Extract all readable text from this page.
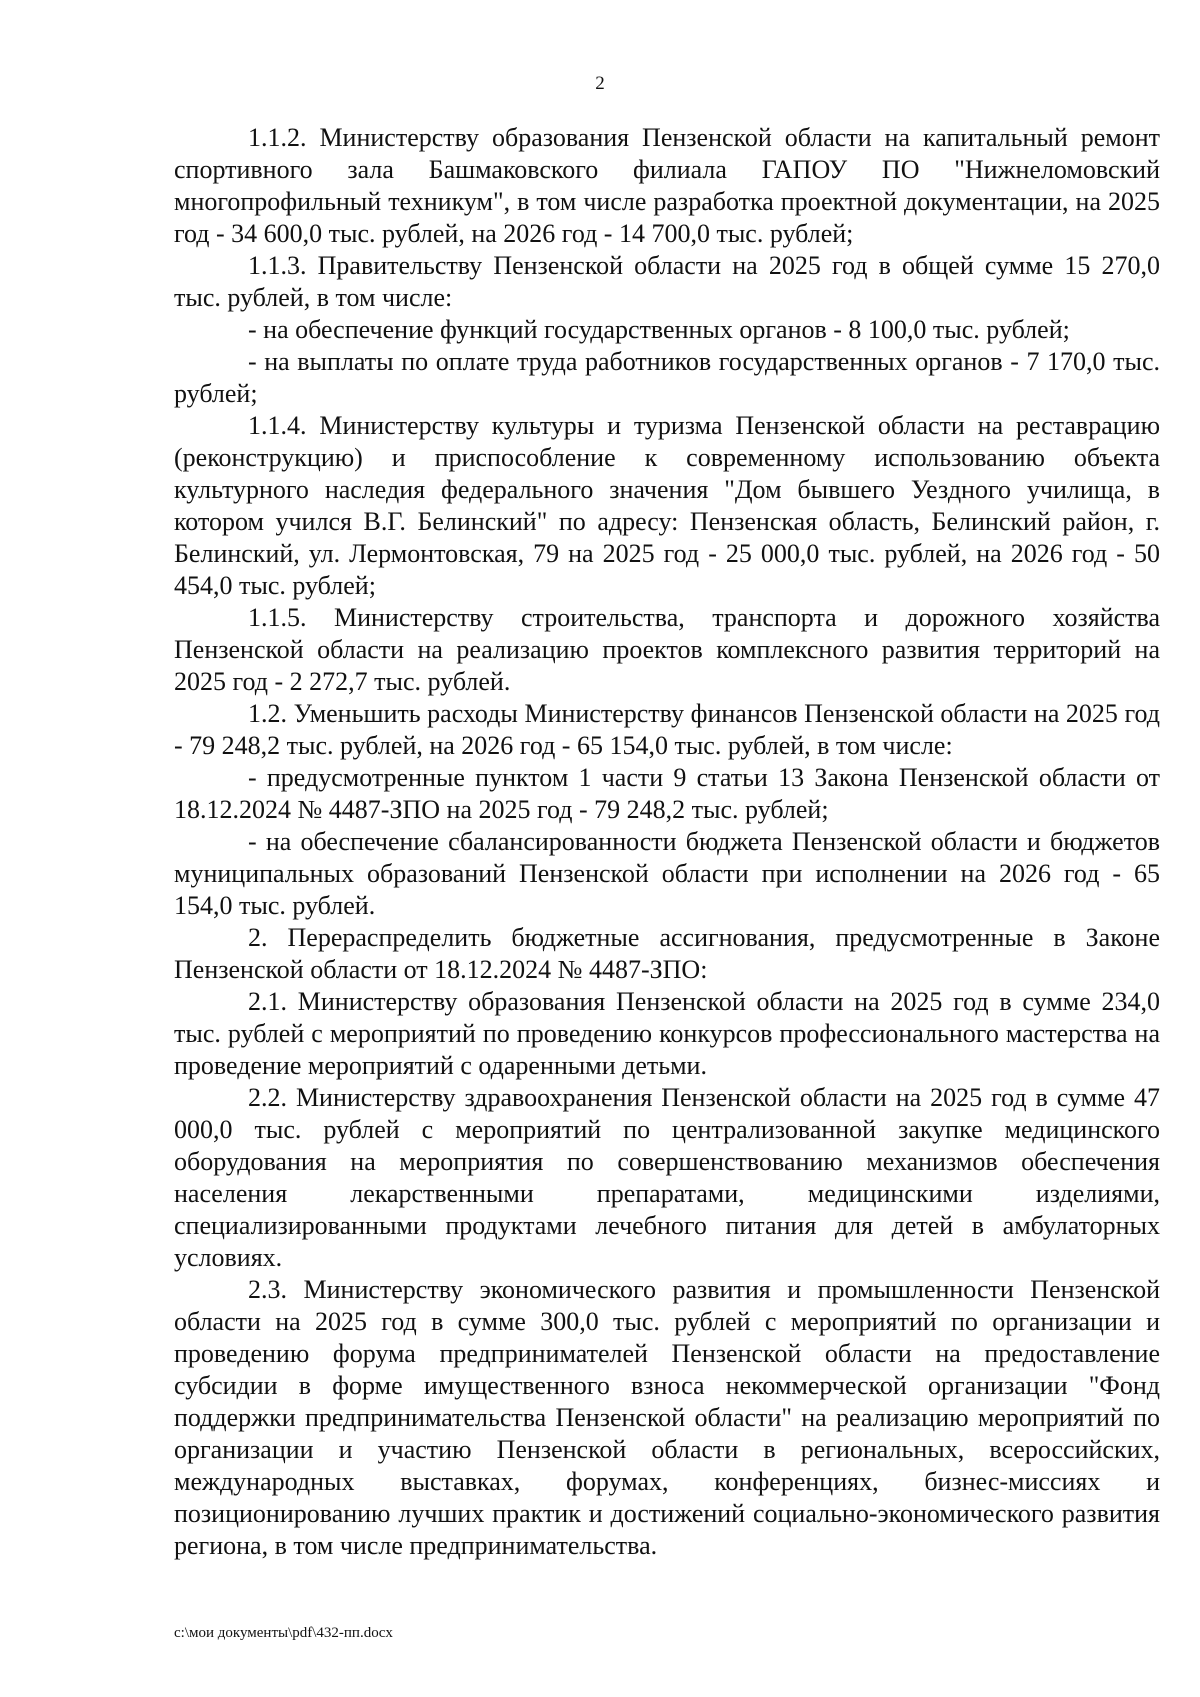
2

1.1.2. Министерству образования Пензенской области на капитальный ремонт спортивного зала Башмаковского филиала ГАПОУ ПО "Нижнеломовский многопрофильный техникум", в том числе разработка проектной документации, на 2025 год - 34 600,0 тыс. рублей, на 2026 год - 14 700,0 тыс. рублей;

1.1.3. Правительству Пензенской области на 2025 год в общей сумме 15 270,0 тыс. рублей, в том числе:

- на обеспечение функций государственных органов - 8 100,0 тыс. рублей;

- на выплаты по оплате труда работников государственных органов - 7 170,0 тыс. рублей;

1.1.4. Министерству культуры и туризма Пензенской области на реставрацию (реконструкцию) и приспособление к современному использованию объекта культурного наследия федерального значения "Дом бывшего Уездного училища, в котором учился В.Г. Белинский" по адресу: Пензенская область, Белинский район, г. Белинский, ул. Лермонтовская, 79 на 2025 год - 25 000,0 тыс. рублей, на 2026 год - 50 454,0 тыс. рублей;

1.1.5. Министерству строительства, транспорта и дорожного хозяйства Пензенской области на реализацию проектов комплексного развития территорий на 2025 год - 2 272,7 тыс. рублей.

1.2. Уменьшить расходы Министерству финансов Пензенской области на 2025 год - 79 248,2 тыс. рублей, на 2026 год - 65 154,0 тыс. рублей, в том числе:

- предусмотренные пунктом 1 части 9 статьи 13 Закона Пензенской области от 18.12.2024 № 4487-ЗПО на 2025 год - 79 248,2 тыс. рублей;

- на обеспечение сбалансированности бюджета Пензенской области и бюджетов муниципальных образований Пензенской области при исполнении на 2026 год - 65 154,0 тыс. рублей.

2. Перераспределить бюджетные ассигнования, предусмотренные в Законе Пензенской области от 18.12.2024 № 4487-ЗПО:

2.1. Министерству образования Пензенской области на 2025 год в сумме 234,0 тыс. рублей с мероприятий по проведению конкурсов профессионального мастерства на проведение мероприятий с одаренными детьми.

2.2. Министерству здравоохранения Пензенской области на 2025 год в сумме 47 000,0 тыс. рублей с мероприятий по централизованной закупке медицинского оборудования на мероприятия по совершенствованию механизмов обеспечения населения лекарственными препаратами, медицинскими изделиями, специализированными продуктами лечебного питания для детей в амбулаторных условиях.

2.3. Министерству экономического развития и промышленности Пензенской области на 2025 год в сумме 300,0 тыс. рублей с мероприятий по организации и проведению форума предпринимателей Пензенской области на предоставление субсидии в форме имущественного взноса некоммерческой организации "Фонд поддержки предпринимательства Пензенской области" на реализацию мероприятий по организации и участию Пензенской области в региональных, всероссийских, международных выставках, форумах, конференциях, бизнес-миссиях и позиционированию лучших практик и достижений социально-экономического развития региона, в том числе предпринимательства.

c:\мои документы\pdf\432-пп.docx
